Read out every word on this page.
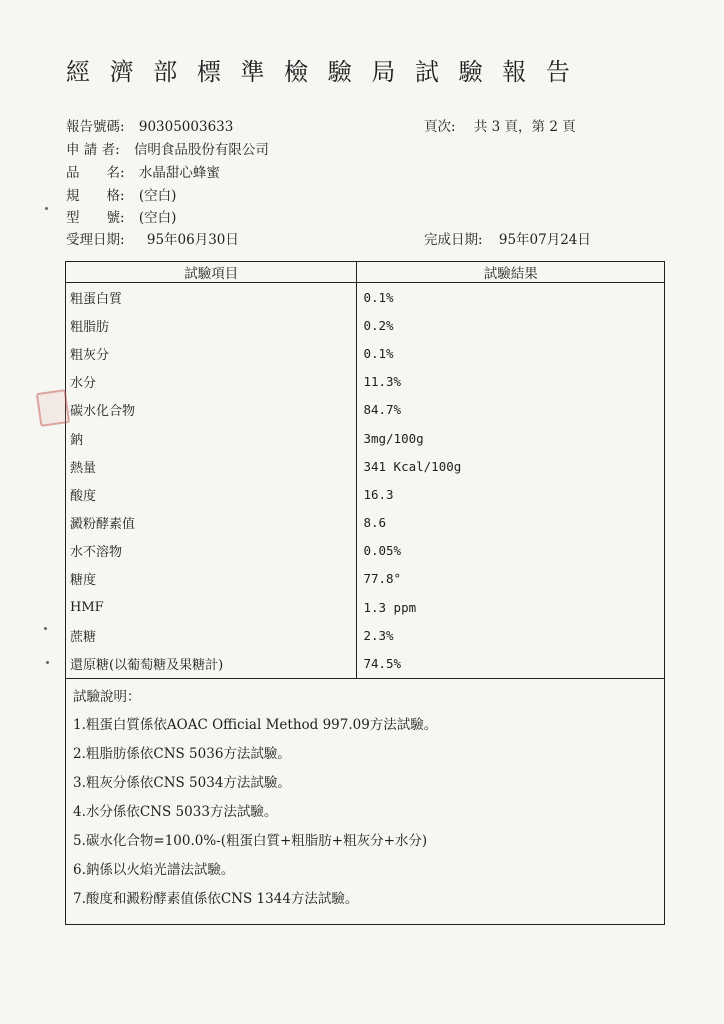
經 濟 部 標 準 檢 驗 局 試 驗 報 告
報告號碼: 90305003633	頁次: 共 3 頁，第 2 頁
申 請 者: 信明食品股份有限公司
品　　名: 水晶甜心蜂蜜
規　　格: (空白)
型　　號: (空白)
受理日期: 95年06月30日	完成日期: 95年07月24日
試驗項目	試驗結果
粗蛋白質	0.1%
粗脂肪	0.2%
粗灰分	0.1%
水分	11.3%
碳水化合物	84.7%
鈉	3mg/100g
熱量	341 Kcal/100g
酸度	16.3
澱粉酵素值	8.6
水不溶物	0.05%
糖度	77.8°
HMF	1.3 ppm
蔗糖	2.3%
還原糖(以葡萄糖及果糖計)	74.5%
試驗說明：
1.粗蛋白質係依AOAC Official Method 997.09方法試驗。
2.粗脂肪係依CNS 5036方法試驗。
3.粗灰分係依CNS 5034方法試驗。
4.水分係依CNS 5033方法試驗。
5.碳水化合物=100.0%-(粗蛋白質+粗脂肪+粗灰分+水分)
6.鈉係以火焰光譜法試驗。
7.酸度和澱粉酵素值係依CNS 1344方法試驗。
